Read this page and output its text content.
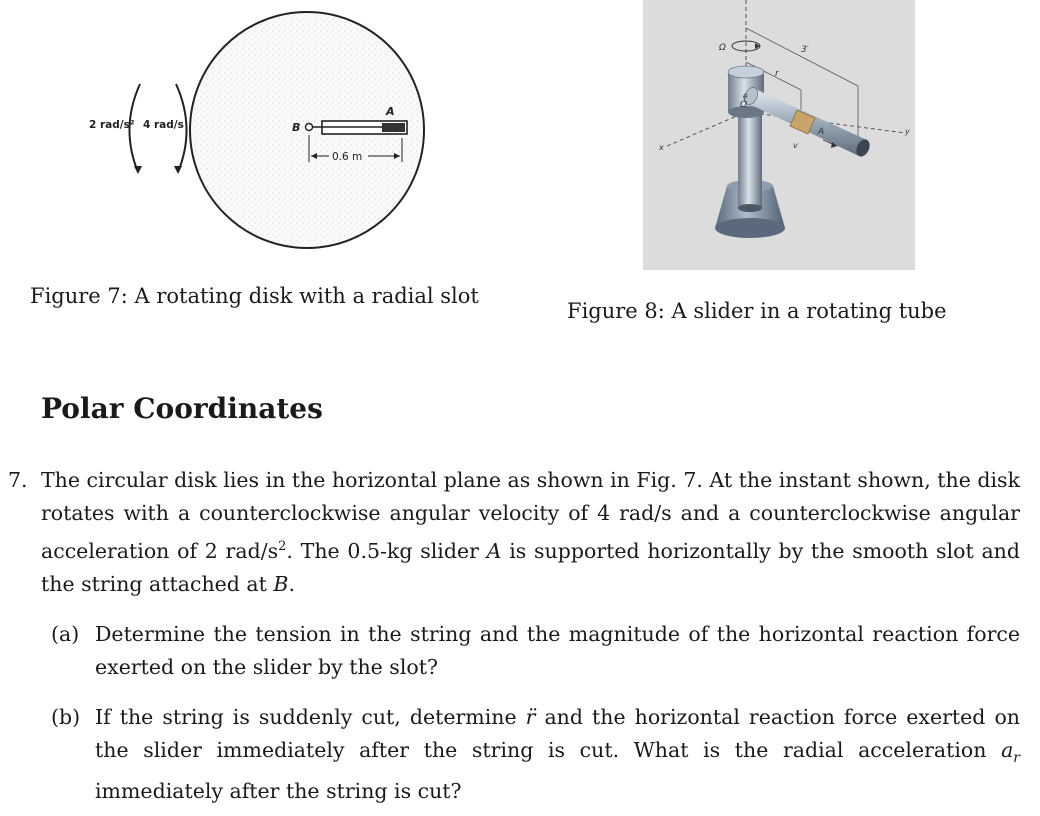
2 rad/s² 4 rad/s	B
A
0.6 m
Figure 7: A rotating disk with a radial slot
Ω	3′
r
A
O
θ
v
x
y
Figure 8: A slider in a rotating tube
Polar Coordinates
7. The circular disk lies in the horizontal plane as shown in Fig. 7. At the instant shown, the disk rotates with a counterclockwise angular velocity of 4 rad/s and a counterclockwise angular acceleration of 2 rad/$s^2$. The 0.5-kg slider A is supported horizontally by the smooth slot and the string attached at B.
(a) Determine the tension in the string and the magnitude of the horizontal reaction force exerted on the slider by the slot?
(b) If the string is suddenly cut, determine r̈ and the horizontal reaction force exerted on the slider immediately after the string is cut. What is the radial acceleration $a_r$ immediately after the string is cut?
